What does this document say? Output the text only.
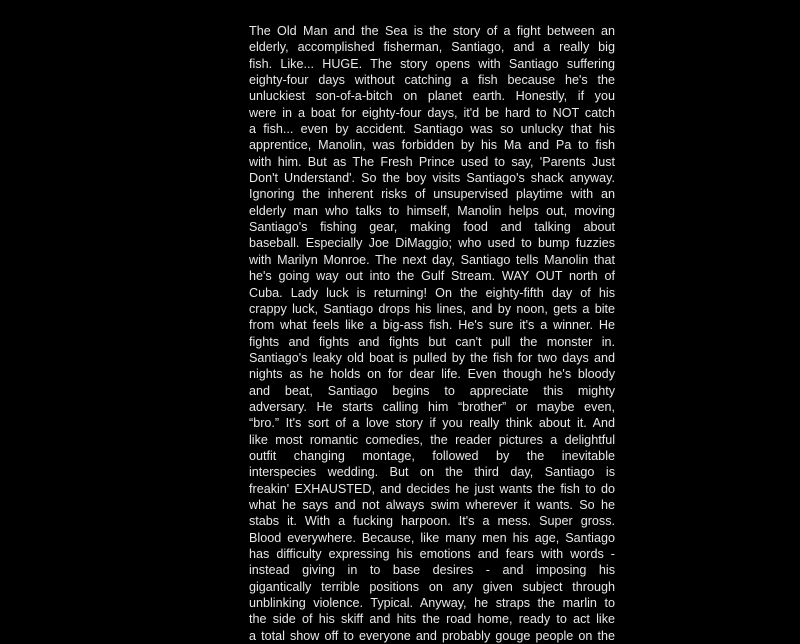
The Old Man and the Sea is the story of a fight between an
elderly, accomplished fisherman, Santiago, and a really big
fish. Like... HUGE. The story opens with Santiago suffering
eighty-four days without catching a fish because he's the
unluckiest son-of-a-bitch on planet earth. Honestly, if you
were in a boat for eighty-four days, it'd be hard to NOT catch
a fish... even by accident. Santiago was so unlucky that his
apprentice, Manolin, was forbidden by his Ma and Pa to fish
with him. But as The Fresh Prince used to say, 'Parents Just
Don't Understand'. So the boy visits Santiago's shack anyway.
Ignoring the inherent risks of unsupervised playtime with an
elderly man who talks to himself, Manolin helps out, moving
Santiago's fishing gear, making food and talking about
baseball. Especially Joe DiMaggio; who used to bump fuzzies
with Marilyn Monroe. The next day, Santiago tells Manolin that
he's going way out into the Gulf Stream. WAY OUT north of
Cuba. Lady luck is returning! On the eighty-fifth day of his
crappy luck, Santiago drops his lines, and by noon, gets a bite
from what feels like a big-ass fish. He's sure it's a winner. He
fights and fights and fights but can't pull the monster in.
Santiago's leaky old boat is pulled by the fish for two days and
nights as he holds on for dear life. Even though he's bloody
and beat, Santiago begins to appreciate this mighty
adversary. He starts calling him “brother” or maybe even,
“bro.” It's sort of a love story if you really think about it. And
like most romantic comedies, the reader pictures a delightful
outfit changing montage, followed by the inevitable
interspecies wedding. But on the third day, Santiago is
freakin' EXHAUSTED, and decides he just wants the fish to do
what he says and not always swim wherever it wants. So he
stabs it. With a fucking harpoon. It's a mess. Super gross.
Blood everywhere. Because, like many men his age, Santiago
has difficulty expressing his emotions and fears with words -
instead giving in to base desires - and imposing his
gigantically terrible positions on any given subject through
unblinking violence. Typical. Anyway, he straps the marlin to
the side of his skiff and hits the road home, ready to act like
a total show off to everyone and probably gouge people on the
